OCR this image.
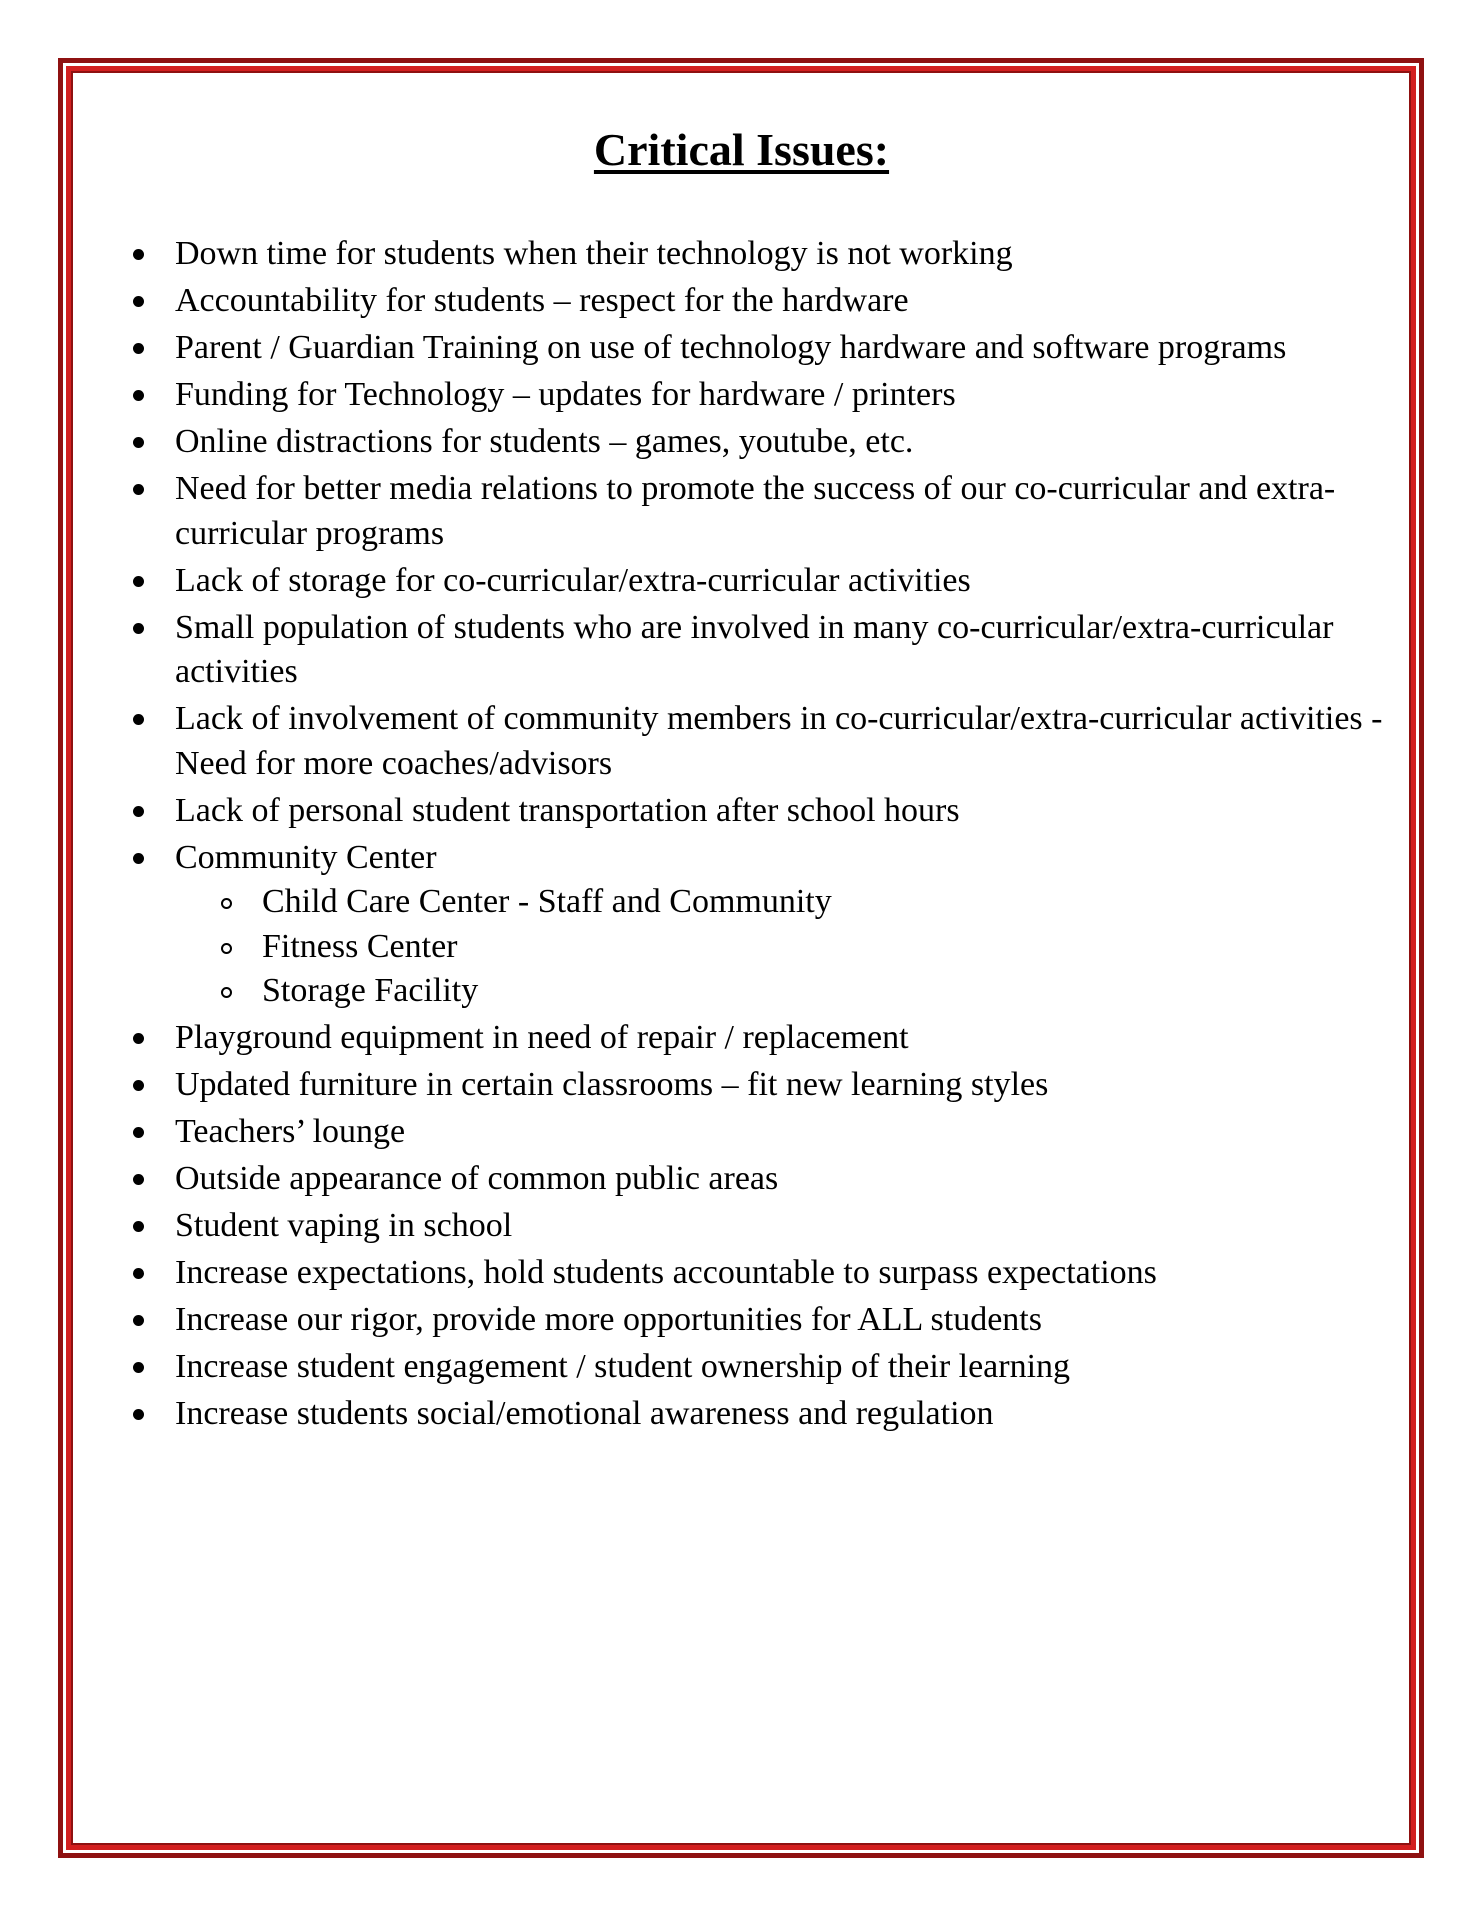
Critical Issues:
Down time for students when their technology is not working
Accountability for students – respect for the hardware
Parent / Guardian Training on use of technology hardware and software programs
Funding for Technology – updates for hardware / printers
Online distractions for students – games, youtube, etc.
Need for better media relations to promote the success of our co-curricular and extra-curricular programs
Lack of storage for co-curricular/extra-curricular activities
Small population of students who are involved in many co-curricular/extra-curricular activities
Lack of involvement of community members in co-curricular/extra-curricular activities - Need for more coaches/advisors
Lack of personal student transportation after school hours
Community Center
Child Care Center - Staff and Community
Fitness Center
Storage Facility
Playground equipment in need of repair / replacement
Updated furniture in certain classrooms – fit new learning styles
Teachers’ lounge
Outside appearance of common public areas
Student vaping in school
Increase expectations, hold students accountable to surpass expectations
Increase our rigor, provide more opportunities for ALL students
Increase student engagement / student ownership of their learning
Increase students social/emotional awareness and regulation
